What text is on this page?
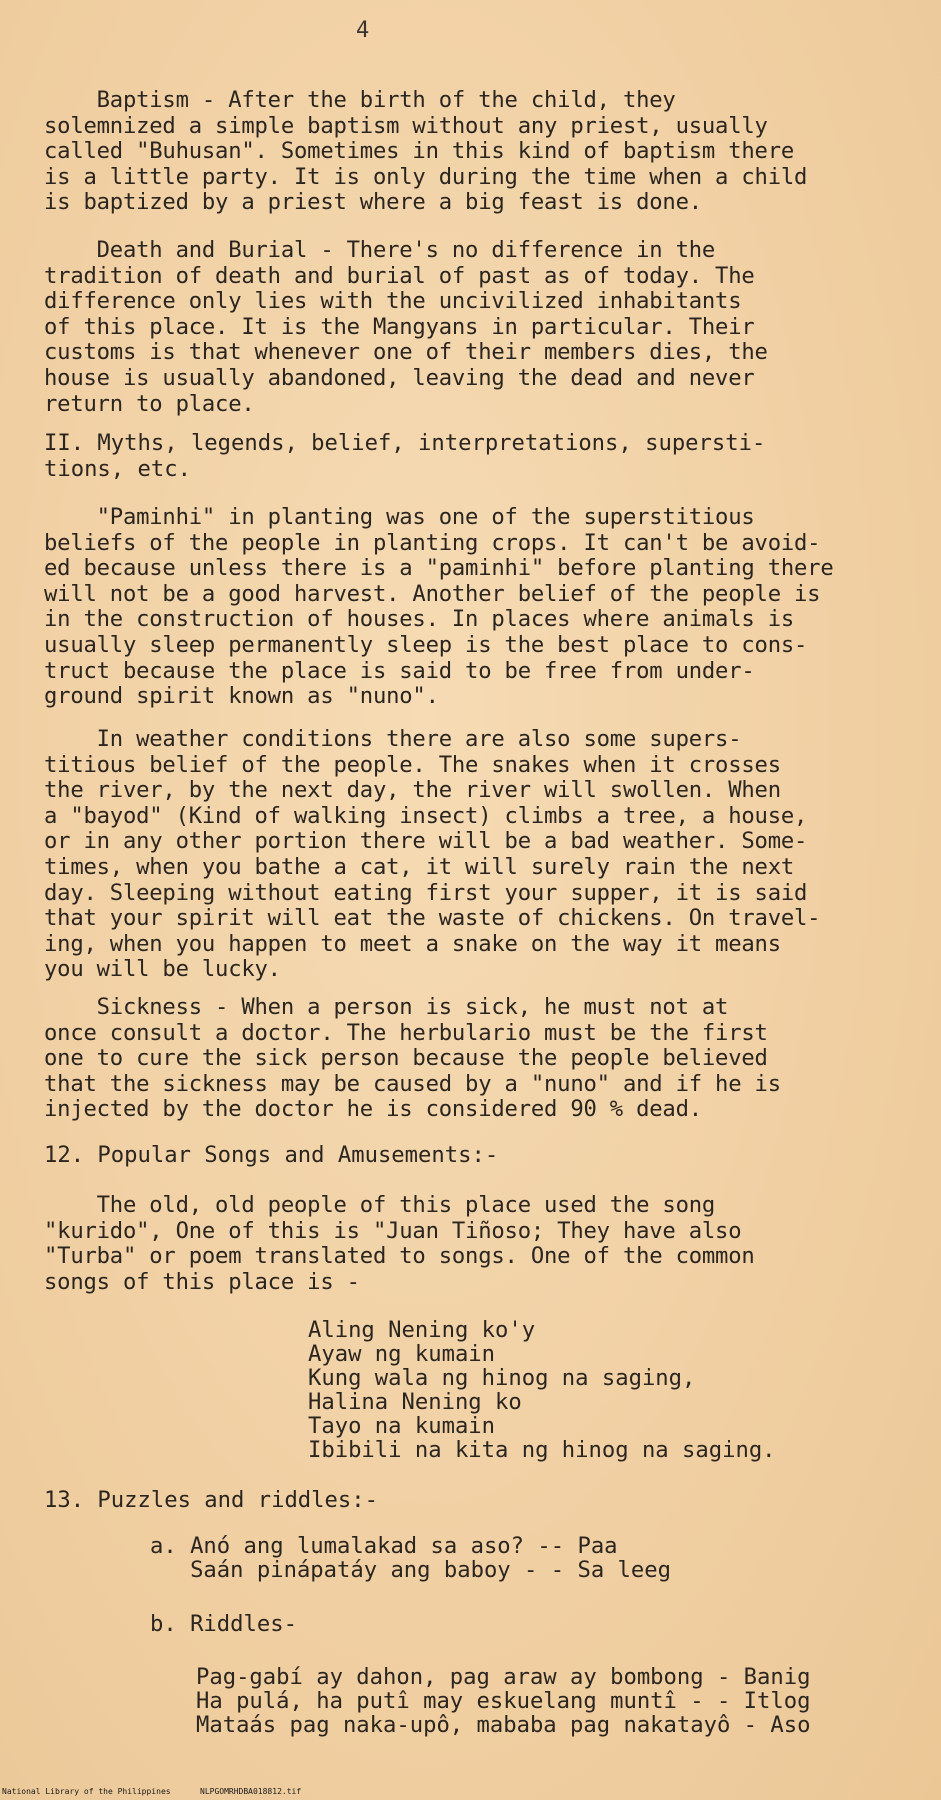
4

Baptism - After the birth of the child, they
solemnized a simple baptism without any priest, usually
called "Buhusan". Sometimes in this kind of baptism there
is a little party. It is only during the time when a child
is baptized by a priest where a big feast is done.

Death and Burial - There's no difference in the
tradition of death and burial of past as of today. The
difference only lies with the uncivilized inhabitants
of this place. It is the Mangyans in particular. Their
customs is that whenever one of their members dies, the
house is usually abandoned, leaving the dead and never
return to place.

II. Myths, legends, belief, interpretations, supersti-
tions, etc.

"Paminhi" in planting was one of the superstitious
beliefs of the people in planting crops. It can't be avoid-
ed because unless there is a "paminhi" before planting there
will not be a good harvest. Another belief of the people is
in the construction of houses. In places where animals is
usually sleep permanently sleep is the best place to cons-
truct because the place is said to be free from under-
ground spirit known as "nuno".

In weather conditions there are also some supers-
titious belief of the people. The snakes when it crosses
the river, by the next day, the river will swollen. When
a "bayod" (Kind of walking insect) climbs a tree, a house,
or in any other portion there will be a bad weather. Some-
times, when you bathe a cat, it will surely rain the next
day. Sleeping without eating first your supper, it is said
that your spirit will eat the waste of chickens. On travel-
ing, when you happen to meet a snake on the way it means
you will be lucky.

Sickness - When a person is sick, he must not at
once consult a doctor. The herbulario must be the first
one to cure the sick person because the people believed
that the sickness may be caused by a "nuno" and if he is
injected by the doctor he is considered 90 % dead.

12. Popular Songs and Amusements:-

The old, old people of this place used the song
"kurido", One of this is "Juan Tiñoso; They have also
"Turba" or poem translated to songs. One of the common
songs of this place is -

Aling Nening ko'y

Ayaw ng kumain

Kung wala ng hinog na saging,

Halina Nening ko

Tayo na kumain

Ibibili na kita ng hinog na saging.

13. Puzzles and riddles:-

a. Anó ang lumalakad sa aso? -- Paa

Saán pinápatáy ang baboy - - Sa leeg

b. Riddles-

Pag-gabí ay dahon, pag araw ay bombong - Banig

Ha pulá, ha putî may eskuelang muntî - - Itlog

Mataás pag naka-upô, mababa pag nakatayô - Aso

National Library of the Philippines	NLPGOMRHDBA018812.tif
